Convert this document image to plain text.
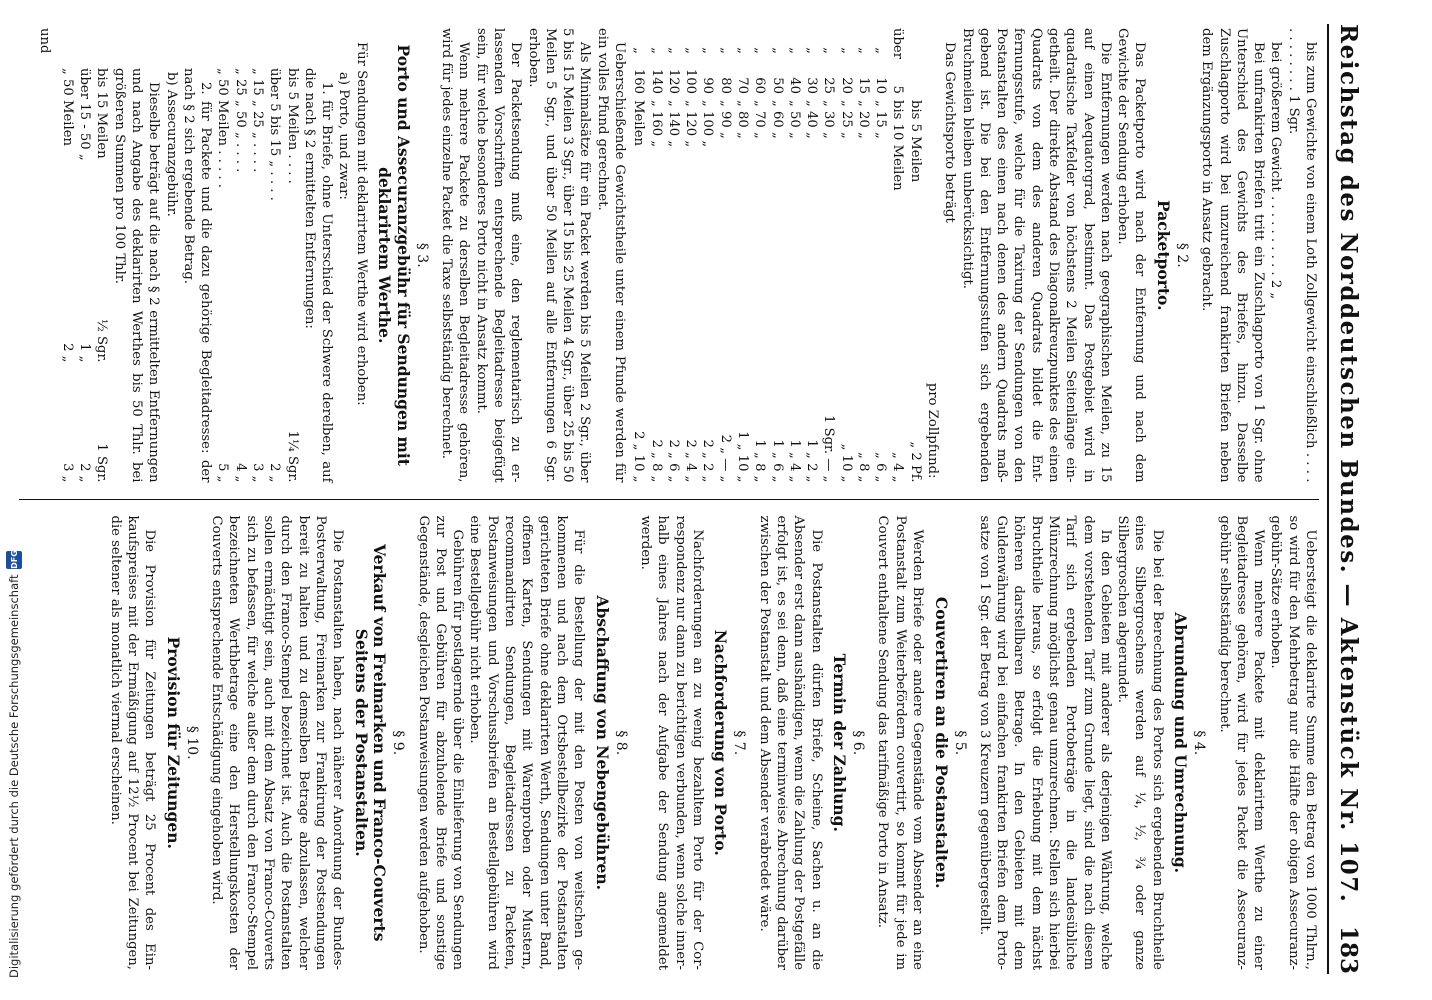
Reichstag des Norddeutschen Bundes. — Aktenstück Nr. 107.
183

bis zum Gewichte von einem Loth Zollgewicht einschließlich . . . . . . . . . . . . 1 Sgr.

bei größerem Gewicht . . . . . . . . . . 2 „

Bei unfrankirten Briefen tritt ein Zuschlagporto von 1 Sgr. ohne Unterschied des Gewichts des Briefes, hinzu. Dasselbe Zuschlagporto wird bei unzureichend frankirten Briefen neben dem Ergänzungsporto in Ansatz gebracht.

§ 2.
Packetporto.

Das Packetporto wird nach der Entfernung und nach dem Gewichte der Sendung erhoben.

Die Entfernungen werden nach geographischen Meilen, zu 15 auf einen Aequatorgrad, bestimmt. Das Postgebiet wird in quadratische Taxfelder von höchstens 2 Meilen Seitenlänge eingetheilt. Der direkte Abstand des Diagonalkreuzpunktes des einen Quadrats von dem des anderen Quadrats bildet die Entfernungsstufe, welche für die Taxirung der Sendungen von den Postanstalten des einen nach denen des andern Quadrats maßgebend ist. Die bei den Entfernungsstufen sich ergebenden Bruchmeilen bleiben unberücksichtigt.

Das Gewichtsporto beträgt

pro Zollpfund:
bis 5 Meilen
„ 2 Pf.
über
5
bis 10 Meilen
„ 4 „
„
10
„ 15 „
„ 6 „
„
15
„ 20 „
„ 8 „
„
20
„ 25 „
„ 10 „
„
25
„ 30 „
1 Sgr. — „
„
30
„ 40 „
1 „ 2 „
„
40
„ 50 „
1 „ 4 „
„
50
„ 60 „
1 „ 6 „
„
60
„ 70 „
1 „ 8 „
„
70
„ 80 „
1 „ 10 „
„
80
„ 90 „
2 „ — „
„
90
„ 100 „
2 „ 2 „
„
100
„ 120 „
2 „ 4 „
„
120
„ 140 „
2 „ 6 „
„
140
„ 160 „
2 „ 8 „
„
160
Meilen
2 „ 10 „

Ueberschießende Gewichtstheile unter einem Pfunde werden für ein volles Pfund gerechnet.

Als Minimalsätze für ein Packet werden bis 5 Meilen 2 Sgr., über 5 bis 15 Meilen 3 Sgr., über 15 bis 25 Meilen 4 Sgr., über 25 bis 50 Meilen 5 Sgr., und über 50 Meilen auf alle Entfernungen 6 Sgr. erhoben.

Der Packetsendung muß eine, den reglementarisch zu erlassenden Vorschriften entsprechende Begleitadresse beigefügt sein, für welche besonderes Porto nicht in Ansatz kommt.

Wenn mehrere Packete zu derselben Begleitadresse gehören, wird für jedes einzelne Packet die Taxe selbstständig berechnet.

§ 3.
Porto und Assecuranzgebühr für Sendungen mit deklarirtem Werthe.

Für Sendungen mit deklarirtem Werthe wird erhoben:

a) Porto, und zwar:

1. für Briefe, ohne Unterschied der Schwere derelben, auf die nach § 2 ermittelten Entfernungen:

bis 5 Meilen . . . .
1¼ Sgr.
über 5 bis 15 „ . . . .
2 „
„ 15 „ 25 „ . . . .
3 „
„ 25 „ 50 „ . . . .
4 „
„ 50 Meilen . . . . .
5 „

2. für Packete und die dazu gehörige Begleitadresse: der nach § 2 sich ergebende Betrag.

b) Assecuranzgebühr.

Dieselbe beträgt auf die nach § 2 ermittelten Entfernungen und nach Angabe des deklarirten Werthes bis 50 Thlr. bei größeren Summen pro 100 Thlr.

bis 15 Meilen
½ Sgr.
1 Sgr.
über 15 - 50 „
1 „
2 „
„ 50 Meilen
2 „
3 „

und

Uebersteigt die deklarirte Summe den Betrag von 1000 Thlrn., so wird für den Mehrbetrag nur die Hälfte der obigen Assecuranzgebühr-Sätze erhoben.

Wenn mehrere Packete mit deklarirtem Werthe zu einer Begleitadresse gehören, wird für jedes Packet die Assecuranzgebühr selbstständig berechnet.

§ 4.
Abrundung und Umrechnung.

Die bei der Berechnung des Portos sich ergebenden Bruchtheile eines Silbergroschens werden auf ¼, ½, ¾ oder ganze Silbergroschen abgerundet.

In den Gebieten mit anderer als derjenigen Währung, welche dem vorstehenden Tarif zum Grunde liegt, sind die nach diesem Tarif sich ergebenden Portobeträge in die landesübliche Münzrechnung möglichst genau umzurechnen. Stellen sich hierbei Bruchtheile heraus, so erfolgt die Erhebung mit dem nächst höheren darstellbaren Betrage. In den Gebieten mit dem Guldenwährung wird bei einfachen frankirten Briefen dem Portosatze von 1 Sgr. der Betrag von 3 Kreuzern gegenübergestellt.

§ 5.
Couvertiren an die Postanstalten.

Werden Briefe oder andere Gegenstände vom Absender an eine Postanstalt zum Weiterbefördern couvertirt, so kommt für jede im Couvert enthaltene Sendung das tarifmäßige Porto in Ansatz.

§ 6.
Termin der Zahlung.

Die Postanstalten dürfen Briefe, Scheine, Sachen u. an die Absender erst dann aushändigen, wenn die Zahlung der Postgefälle erfolgt ist, es sei denn, daß eine terminweise Abrechnung darüber zwischen der Postanstalt und dem Absender verabredet wäre.

§ 7.
Nachforderung von Porto.

Nachforderungen an zu wenig bezahltem Porto für der Correspondenz nur dann zu berichtigen verbunden, wenn solche innerhalb eines Jahres nach der Aufgabe der Sendung angemeldet werden.

§ 8.
Abschaffung von Nebengebühren.

Für die Bestellung der mit den Posten von weitschen gekommenen und nach dem Ortsbestellbezirke der Postanstalten gerichteten Briefe ohne deklarirten Werth, Sendungen unter Band, offenen Karten, Sendungen mit Warenproben oder Mustern, recommandirten Sendungen, Begleitadressen zu Packeten, Postanweisungen und Vorschussbriefen an Bestellgebühren wird eine Bestellgebühr nicht erhoben.

Gebühren für postlagernde über die Einlieferung von Sendungen zur Post und Gebühren für abzuholende Briefe und sonstige Gegenstände, desgleichen Postanweisungen werden aufgehoben.

§ 9.
Verkauf von Freimarken und Franco-Couverts Seitens der Postanstalten.

Die Postanstalten haben, nach näherer Anordnung der Bundes-Postverwaltung, Freimarken zur Frankirung der Postsendungen bereit zu halten und zu demselben Betrage abzulassen, welcher durch den Franco-Stempel bezeichnet ist. Auch die Postanstalten sollen ermächtigt sein, auch mit dem Absatz von Franco-Couverts sich zu befassen, für welche außer dem durch den Franco-Stempel bezeichneten Werthbetrage eine den Herstellungskosten der Couverts entsprechende Entschädigung eingehoben wird.

§ 10.
Provision für Zeitungen.

Die Provision für Zeitungen beträgt 25 Procent des Einkaufspreises mit der Ermäßigung auf 12½ Procent bei Zeitungen, die seltener als monatlich viermal erscheinen.

Digitalisierung gefördert durch die Deutsche Forschungsgemeinschaft
DFG
